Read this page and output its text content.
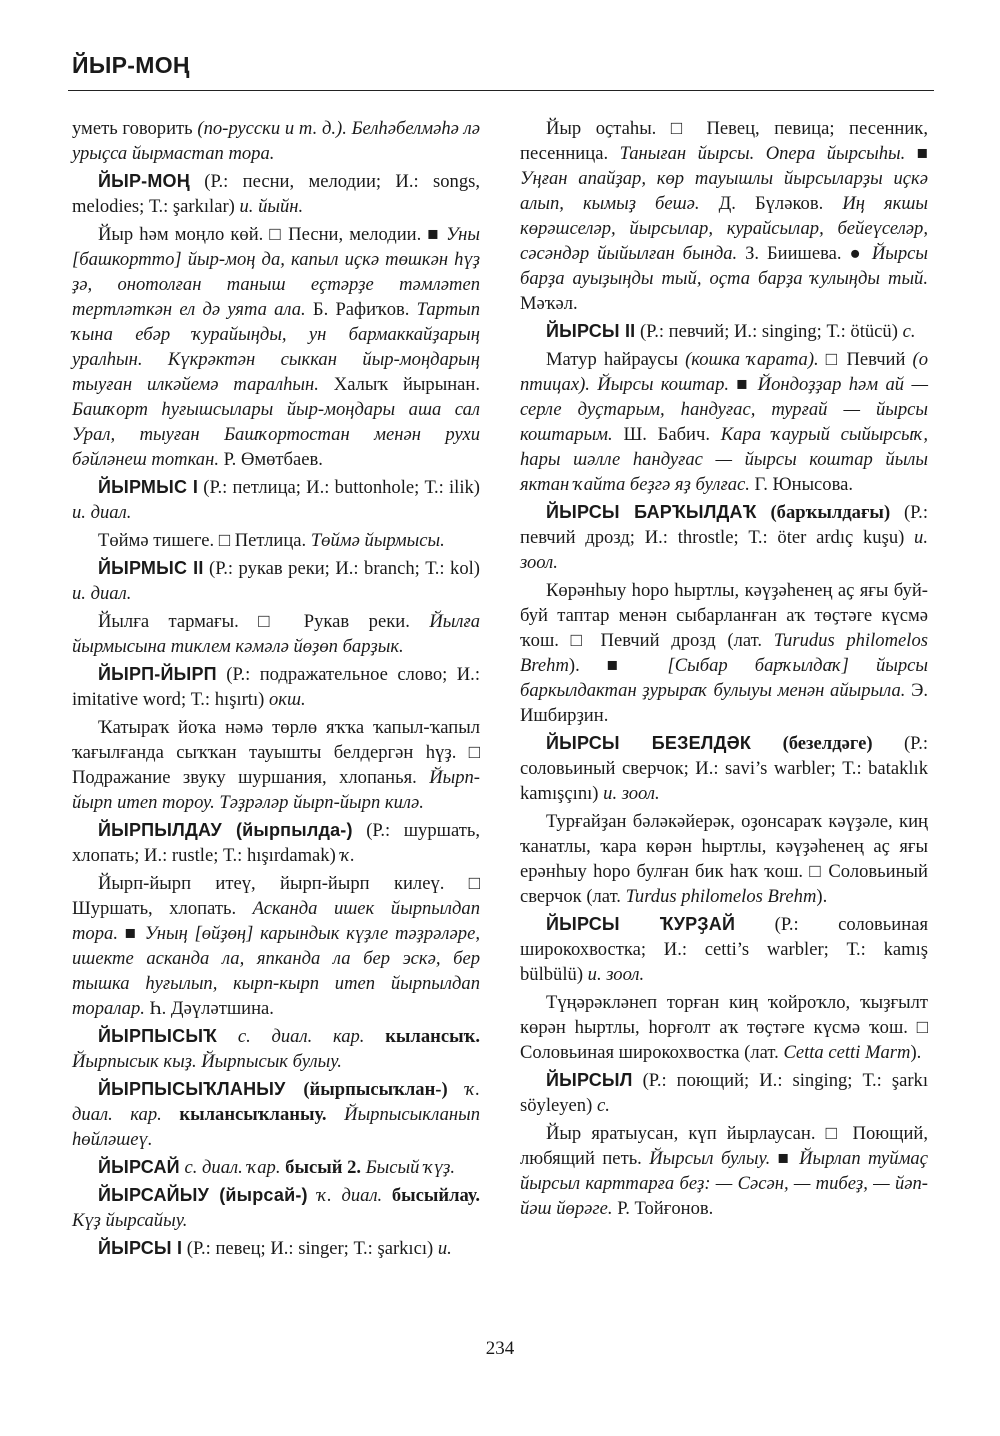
ЙЫР-МОҢ

уметь говорить (по-русски и т. д.). Белһәбелмәһә лә урыҫса йырмастап тора.

ЙЫР-МОҢ (Р.: песни, мелодии; И.: songs, melodies; Т.: şarkılar) и. йыйн.

Йыр һәм моңло көй. □ Песни, мелодии. ■ Уны [башкортто] йыр-моң да, капыл иҫкә төшкән һүҙ ҙә, онотолған таныш еҫтәрҙе тәмләтеп тертләткән ел дә уята ала. Б. Рафиҡов. Тартып ҡына ебәр ҡурайыңды, ун бармаккайҙарың уралһын. Күкрәктән сыккан йыр-моңдарың тыуған илкәйемә таралһын. Халыҡ йырынан. Башҡорт һуғышсылары йыр-моңдары аша сал Урал, тыуған Башҡортостан менән рухи бәйләнеш тоткан. Р. Өмөтбаев.

ЙЫРМЫС I (Р.: петлица; И.: buttonhole; Т.: ilik) и. диал.

Төймә тишеге. □ Петлица. Төймә йырмысы.

ЙЫРМЫС II (Р.: рукав реки; И.: branch; Т.: kol) и. диал.

Йылға тармағы. □ Рукав реки. Йылға йырмысына тиклем кәмәлә йөҙөп барҙык.

ЙЫРП-ЙЫРП (Р.: подражательное слово; И.: imitative word; Т.: hışırtı) окш.

Ҡатыраҡ йоҡа нәмә төрлө яҡҡа ҡапыл-ҡапыл ҡағылғанда сыҡҡан тауышты белдергән һүҙ. □ Подражание звуку шуршания, хлопанья. Йырп-йырп итеп тороу. Тәҙрәләр йырп-йырп килә.

ЙЫРПЫЛДАУ (йырпылда-) (Р.: шуршать, хлопать; И.: rustle; Т.: hışırdamak) ҡ.

Йырп-йырп итеү, йырп-йырп килеү. □ Шуршать, хлопать. Асканда ишек йырпылдап тора. ■ Уның [өйҙөң] карындык күҙле тәҙрәләре, ишекте асканда ла, япканда ла бер эскә, бер тышка һуғылып, кырп-кырп итеп йырпылдап торалар. Һ. Дәүләтшина.

ЙЫРПЫСЫҠ с. диал. кар. кыланcыҡ. Йырпысык кыҙ. Йырпысык булыу.

ЙЫРПЫСЫҠЛАНЫУ (йырпысыҡлан-) ҡ. диал. кар. кылансыҡланыу. Йырпысыкланып һөйләшеү.

ЙЫРСАЙ с. диал. ҡар. бысый 2. Бысый ҡүҙ.

ЙЫРСАЙЫУ (йырсай-) ҡ. диал. бысыйлау. Күҙ йырсайыу.

ЙЫРСЫ I (Р.: певец; И.: singer; Т.: şarkıcı) и.

Йыр оҫтаһы. □ Певец, певица; песенник, песенница. Таныған йырсы. Опера йырсыһы. ■ Уңған апайҙар, көр тауышлы йырсыларҙы иҫкә алып, кымыҙ бешә. Д. Бүләков. Иң якшы көрәшселәр, йырсылар, курайсылар, бейеүселәр, сәсәндәр йыйылған бында. З. Биишева. ● Йырсы барҙа ауыҙыңды тый, оҫта барҙа ҡулыңды тый. Мәҡәл.

ЙЫРСЫ II (Р.: певчий; И.: singing; Т.: ötücü) с.

Матур һайраусы (кошка ҡарата). □ Певчий (о птицах). Йырсы коштар. ■ Йондоҙҙар һәм ай — серле дуҫтарым, һандуғас, турғай — йырсы коштарым. Ш. Бабич. Кара ҡаурый сыйырсыҡ, һары шәлле һандуғас — йырсы коштар йылы яктан ҡайта беҙгә яҙ булғас. Г. Юнысова.

ЙЫРСЫ БАРҠЫЛДАҠ (барҡылдағы) (Р.: певчий дрозд; И.: throstle; Т.: öter ardıç kuşu) и. зоол.

Көрәнһыу һоро һыртлы, кәүҙәһенең аҫ яғы буй-буй таптар менән сыбарланған аҡ төҫтәге күсмә ҡош. □ Певчий дрозд (лат. Turudus philomelos Brehm). ■ [Сыбар барҡылдаҡ] йырсы баркылдактан ҙурыраҡ булыуы менән айырыла. Э. Ишбирҙин.

ЙЫРСЫ БЕЗЕЛДӘК (безелдәге) (Р.: соловьиный сверчок; И.: savi’s warbler; Т.: bataklık kamışçını) и. зоол.

Турғайҙан бәләкәйерәк, оҙонсараҡ кәүҙәле, киң ҡанатлы, ҡара көрән һыртлы, кәүҙәһенең аҫ яғы ерәнһыу һоро булған бик һаҡ ҡош. □ Соловьиный сверчок (лат. Turdus philomelos Brehm).

ЙЫРСЫ ҠУРҘАЙ (Р.: соловьиная широкохвостка; И.: cetti’s warbler; Т.: kamış bülbülü) и. зоол.

Түңәрәкләнеп торған киң ҡойроҡло, ҡыҙғылт көрән һыртлы, һорғолт аҡ төҫтәге күсмә ҡош. □ Соловьиная широкохвостка (лат. Cetta cetti Marm).

ЙЫРСЫЛ (Р.: поющий; И.: singing; Т.: şarkı söyleyen) с.

Йыр яратыусан, күп йырлаусан. □ Поющий, любящий петь. Йырсыл булыу. ■ Йырлап туймаҫ йырсыл карттарға беҙ: — Сәсән, — тибеҙ, — йәп-йәш йөрәге. Р. Тойғонов.

234
